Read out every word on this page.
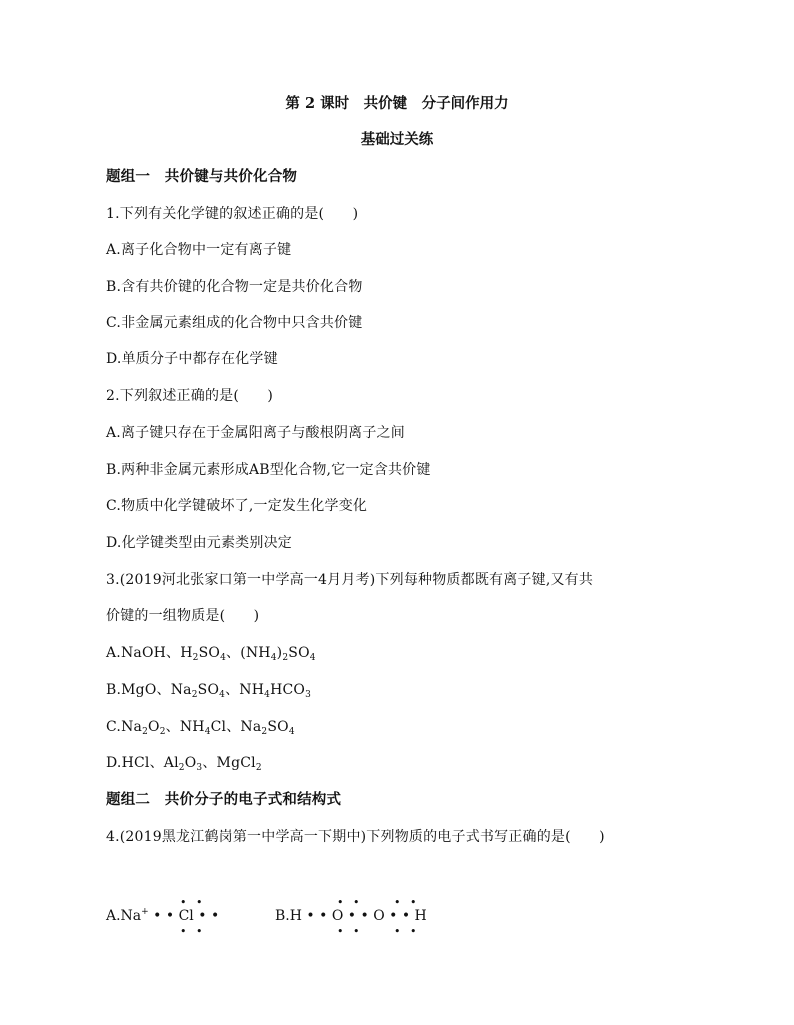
第 2 课时　共价键　分子间作用力
基础过关练
题组一　共价键与共价化合物
1.下列有关化学键的叙述正确的是(　　)
A.离子化合物中一定有离子键
B.含有共价键的化合物一定是共价化合物
C.非金属元素组成的化合物中只含共价键
D.单质分子中都存在化学键
2.下列叙述正确的是(　　)
A.离子键只存在于金属阳离子与酸根阴离子之间
B.两种非金属元素形成AB型化合物,它一定含共价键
C.物质中化学键破坏了,一定发生化学变化
D.化学键类型由元素类别决定
3.(2019河北张家口第一中学高一4月月考)下列每种物质都既有离子键,又有共
价键的一组物质是(　　)
A.NaOH、$H_2SO_4$、$(NH_4)_2SO_4$
B.MgO、$Na_2SO_4$、$NH_4HCO_3$
$C.Na_2O_2$、$NH_4Cl$、$Na_2SO_4$
D.HCl、$Al_2O_3$、MgCl$_2$
题组二　共价分子的电子式和结构式
4.(2019黑龙江鹤岗第一中学高一下期中)下列物质的电子式书写正确的是(　　)
• •
A.Na+ • • Cl • •
• •
• •	• •
B.H • • O • • O • • H
• •	• •
